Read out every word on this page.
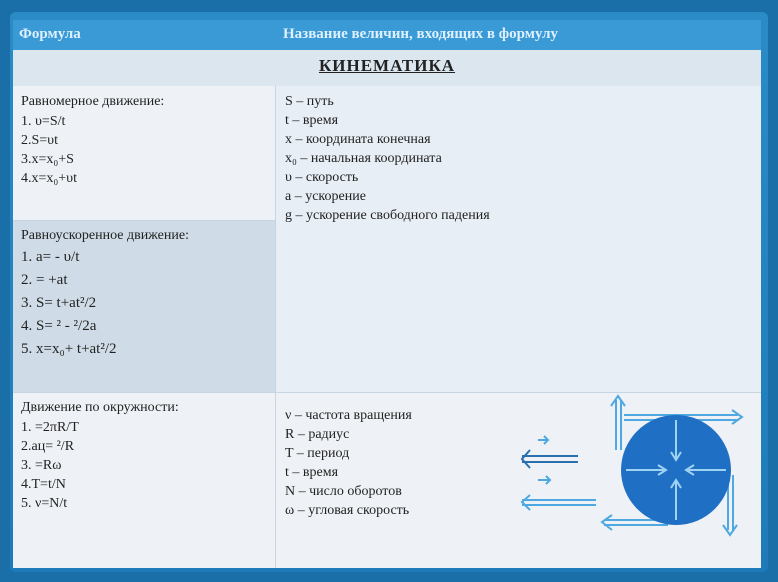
Формула	Название величин, входящих в формулу
КИНЕМАТИКА
Равномерное движение:
1. υ=S/t
2.S=υt
3.x=x₀+S
4.x=x₀+υt
Равноускоренное движение:
1. a= - υ/t
2. = +at
3. S= t+at²/2
4. S= ² - ²/2a
5. x=x₀+ t+at²/2
Движение по окружности:
1. =2πR/T
2.aц= ²/R
3. =Rω
4.T=t/N
5. ν=N/t
S – путь
t – время
x – координата конечная
x₀ – начальная координата
υ – скорость
a – ускорение
g – ускорение свободного падения
ν – частота вращения
R – радиус
T – период
t – время
N – число оборотов
ω – угловая скорость
